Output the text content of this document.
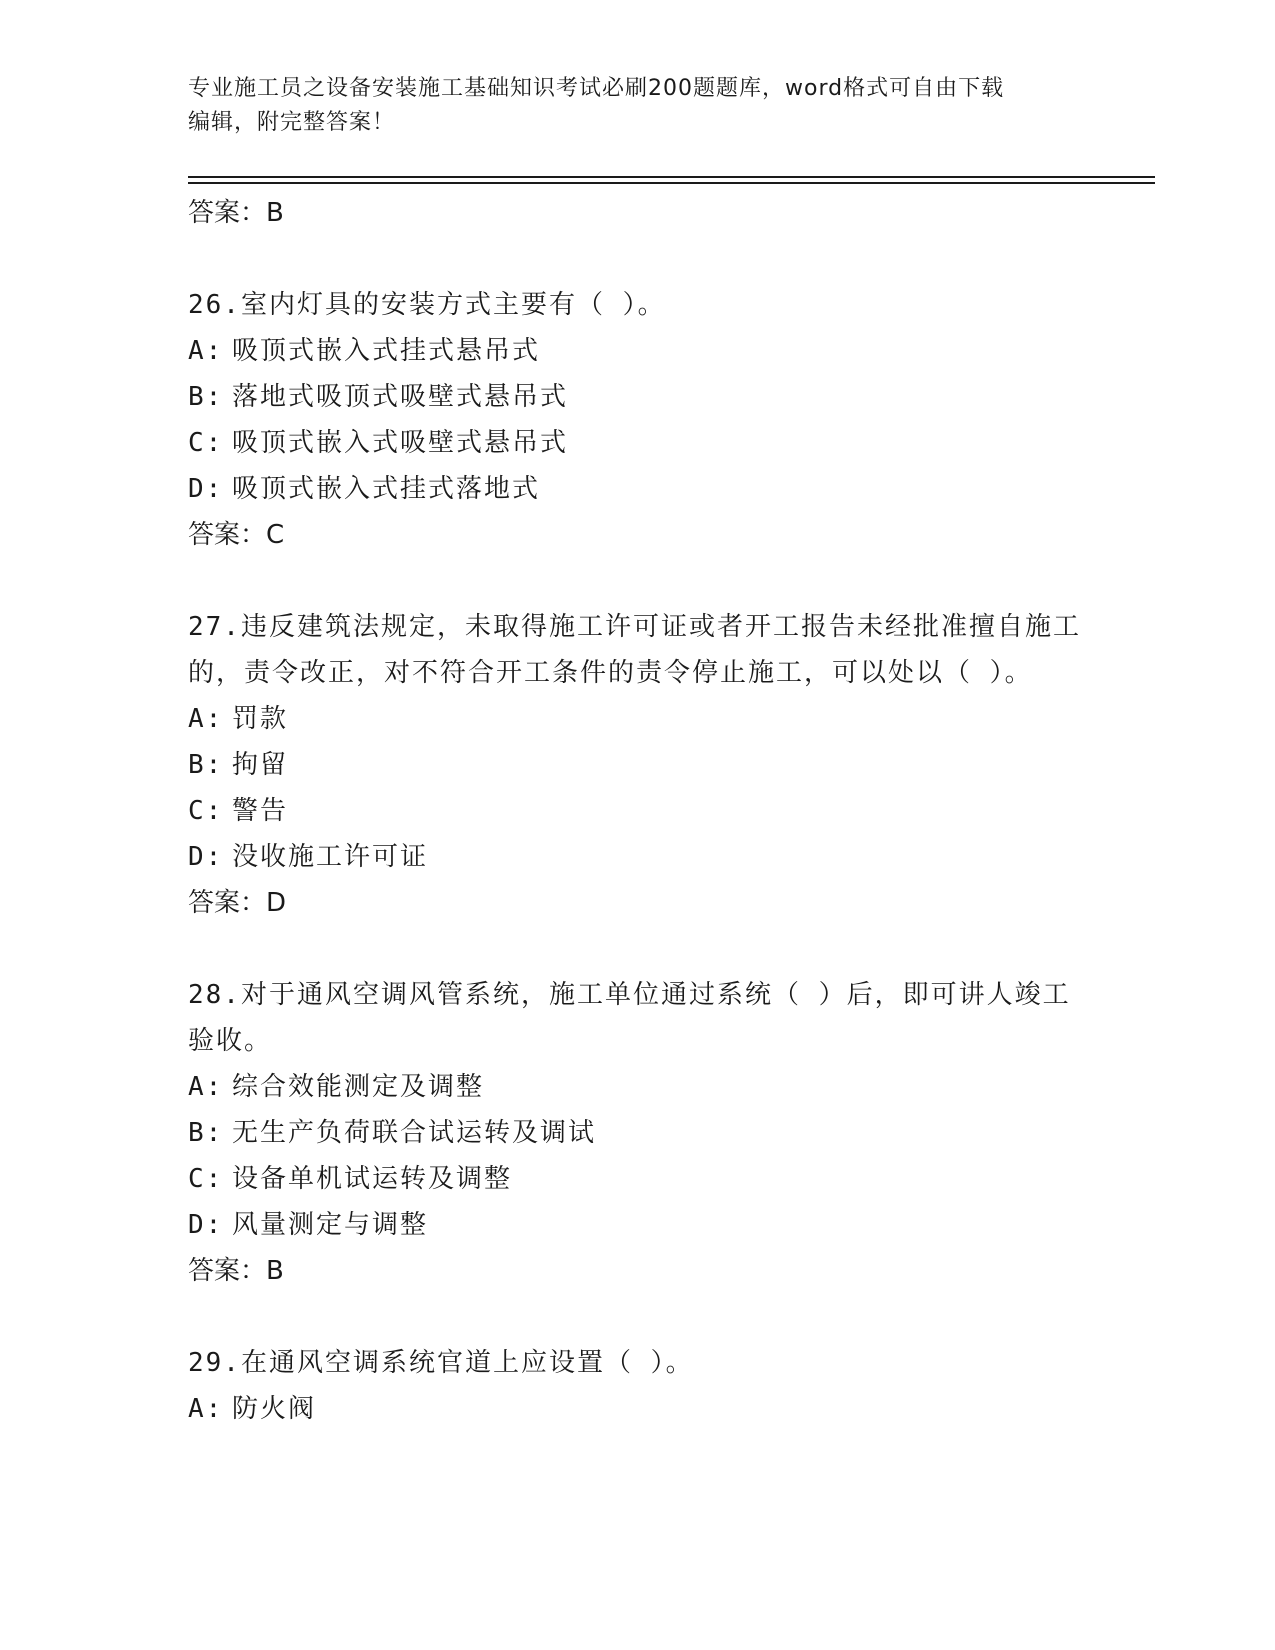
专业施工员之设备安装施工基础知识考试必刷200题题库，word格式可自由下载
编辑，附完整答案！
答案：B
26.室内灯具的安装方式主要有（ ）。
A: 吸顶式嵌入式挂式悬吊式
B: 落地式吸顶式吸壁式悬吊式
C: 吸顶式嵌入式吸壁式悬吊式
D: 吸顶式嵌入式挂式落地式
答案：C
27.违反建筑法规定，未取得施工许可证或者开工报告未经批准擅自施工的，责令改正，对不符合开工条件的责令停止施工，可以处以（ ）。
A: 罚款
B: 拘留
C: 警告
D: 没收施工许可证
答案：D
28.对于通风空调风管系统，施工单位通过系统（ ）后，即可讲人竣工验收。
A: 综合效能测定及调整
B: 无生产负荷联合试运转及调试
C: 设备单机试运转及调整
D: 风量测定与调整
答案：B
29.在通风空调系统官道上应设置（ ）。
A: 防火阀
